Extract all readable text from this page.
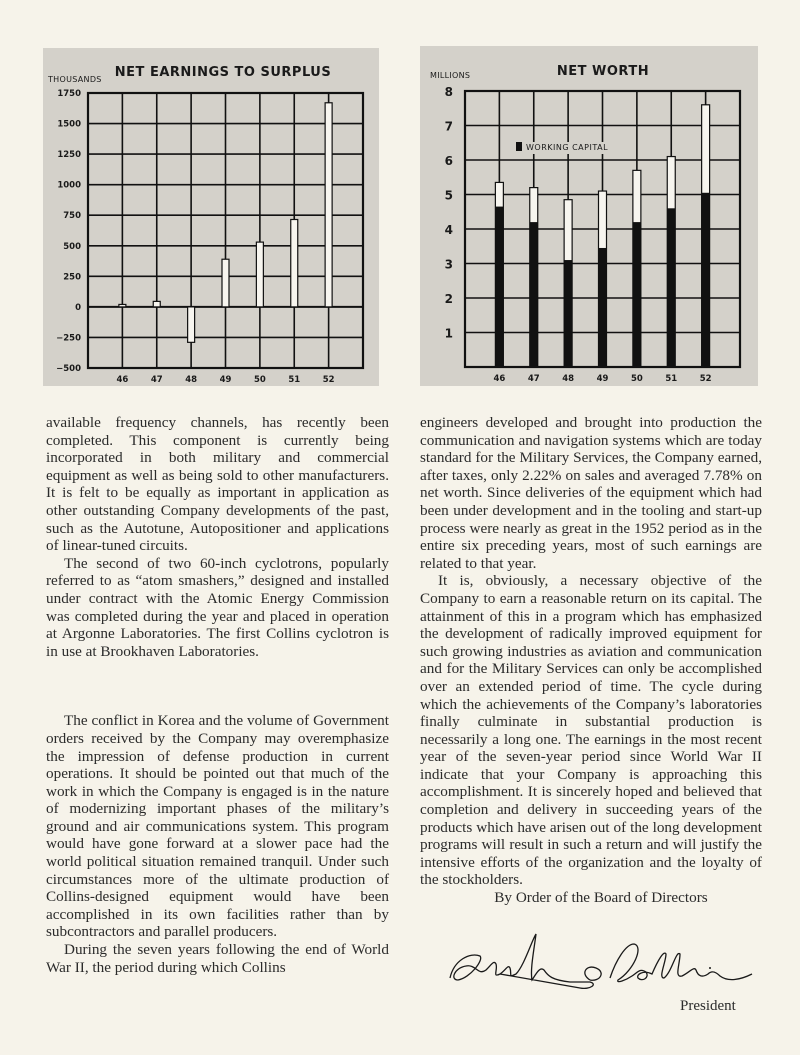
NET EARNINGS TO SURPLUS
THOUSANDS
1750
1500
1250
1000
750
500
250
0
−250
−500
46	47	48	49	50	51	52
NET WORTH
MILLIONS
8
7
6
5
4
3
2
1
WORKING CAPITAL
46	47	48	49	50	51	52

available frequency channels, has recently been completed. This component is currently being incorporated in both military and commercial equipment as well as being sold to other manufacturers. It is felt to be equally as important in application as other outstanding Company developments of the past, such as the Autotune, Autopositioner and applications of linear-tuned circuits.

The second of two 60-inch cyclotrons, popularly referred to as “atom smashers,” designed and installed under contract with the Atomic Energy Commission was completed during the year and placed in operation at Argonne Laboratories. The first Collins cyclotron is in use at Brookhaven Laboratories.

The conflict in Korea and the volume of Government orders received by the Company may overemphasize the impression of defense production in current operations. It should be pointed out that much of the work in which the Company is engaged is in the nature of modernizing important phases of the military’s ground and air communications system. This program would have gone forward at a slower pace had the world political situation remained tranquil. Under such circumstances more of the ultimate production of Collins-designed equipment would have been accomplished in its own facilities rather than by subcontractors and parallel producers.

During the seven years following the end of World War II, the period during which Collins

engineers developed and brought into production the communication and navigation systems which are today standard for the Military Services, the Company earned, after taxes, only 2.22% on sales and averaged 7.78% on net worth. Since deliveries of the equipment which had been under development and in the tooling and start-up process were nearly as great in the 1952 period as in the entire six preceding years, most of such earnings are related to that year.

It is, obviously, a necessary objective of the Company to earn a reasonable return on its capital. The attainment of this in a program which has emphasized the development of radically improved equipment for such growing industries as aviation and communication and for the Military Services can only be accomplished over an extended period of time. The cycle during which the achievements of the Company’s laboratories finally culminate in substantial production is necessarily a long one. The earnings in the most recent year of the seven-year period since World War II indicate that your Company is approaching this accomplishment. It is sincerely hoped and believed that completion and delivery in succeeding years of the products which have arisen out of the long development programs will result in such a return and will justify the intensive efforts of the organization and the loyalty of the stockholders.

By Order of the Board of Directors

President
